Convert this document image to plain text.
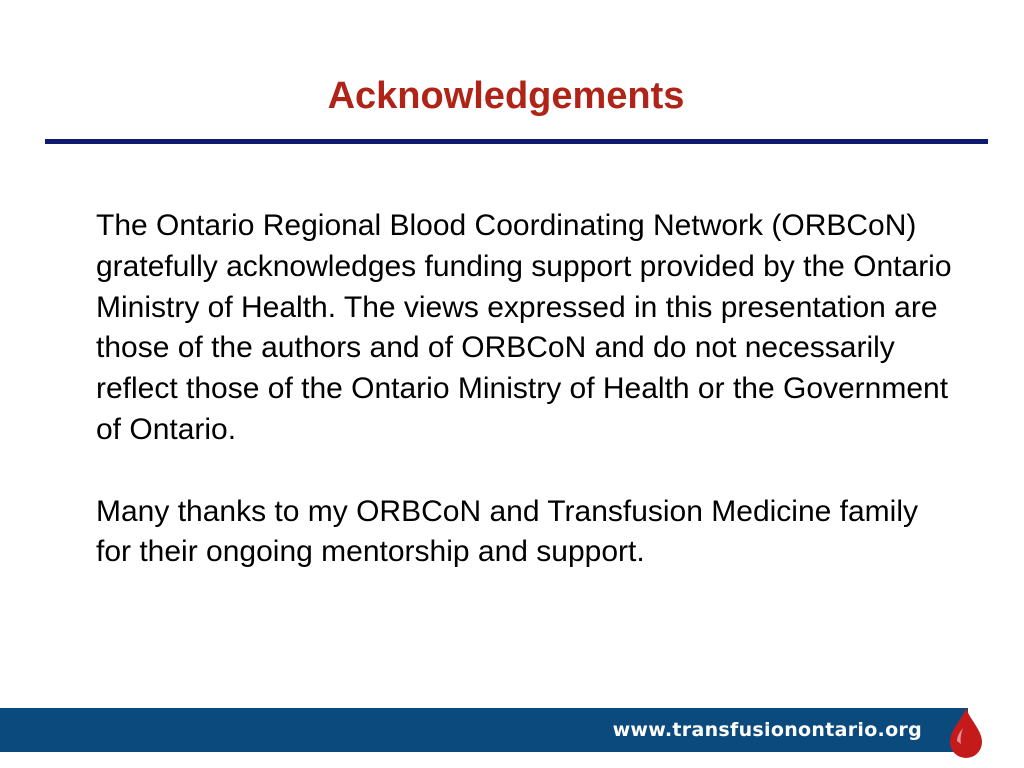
Acknowledgements

The Ontario Regional Blood Coordinating Network (ORBCoN) gratefully acknowledges funding support provided by the Ontario Ministry of Health. The views expressed in this presentation are those of the authors and of ORBCoN and do not necessarily reflect those of the Ontario Ministry of Health or the Government of Ontario.

Many thanks to my ORBCoN and Transfusion Medicine family for their ongoing mentorship and support.

www.transfusionontario.org
